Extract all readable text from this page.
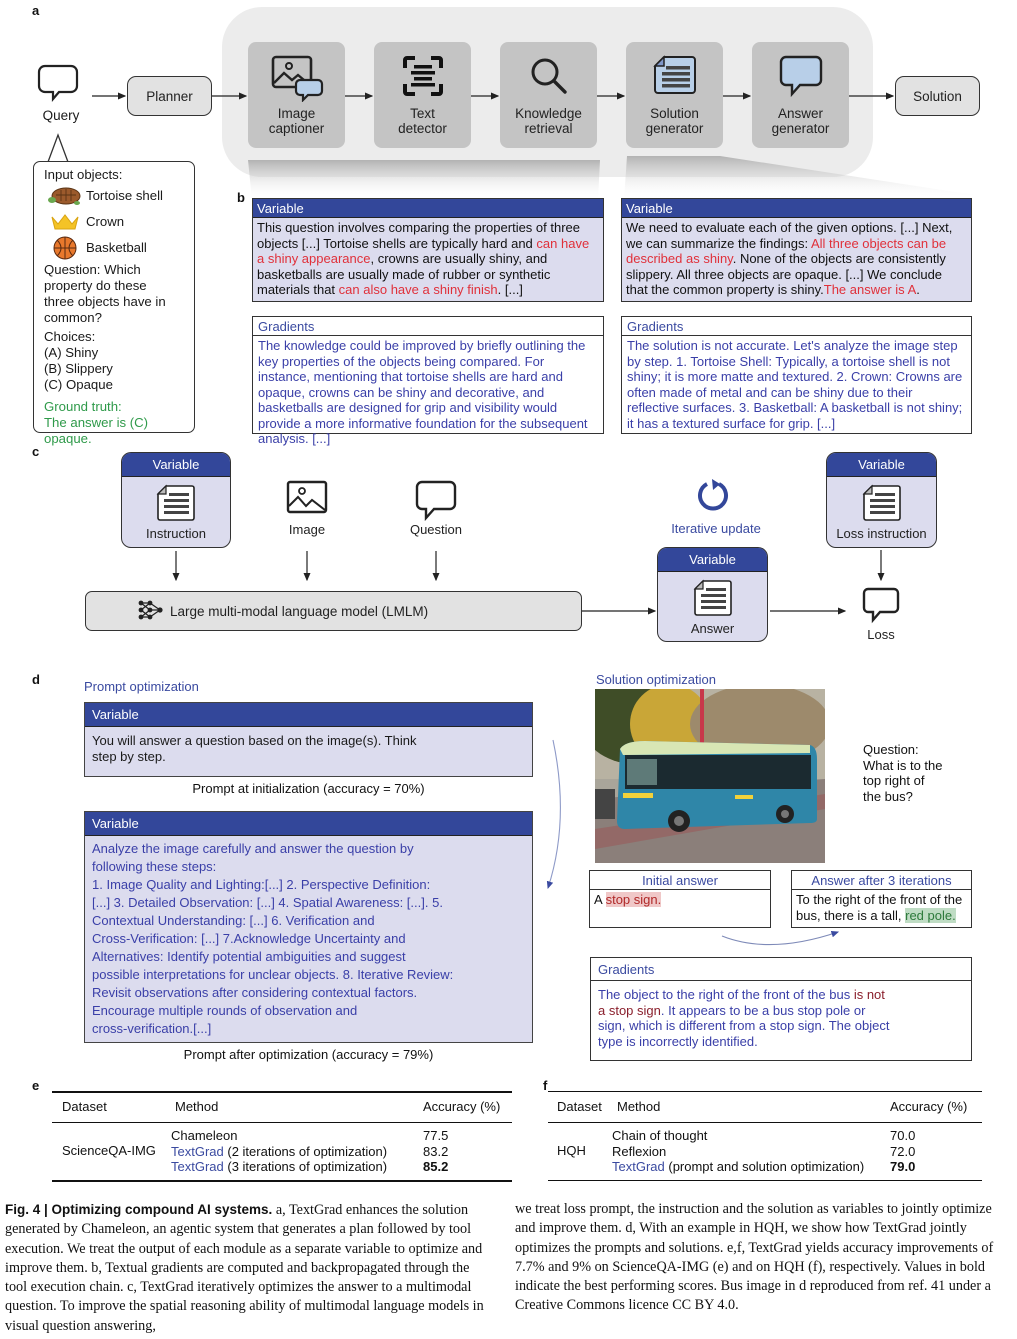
a
Query
Planner	Solution
Image
captioner
Text
detector
Knowledge
retrieval
Solution
generator
Answer
generator
Input objects:
Tortoise shell
Crown
Basketball
Question: Which
property do these
three objects have in
common?
Choices:
(A) Shiny
(B) Slippery
(C) Opaque
Ground truth:
The answer is (C) opaque.
b
Variable
This question involves comparing the properties of three objects [...] Tortoise shells are typically hard and can have a shiny appearance, crowns are usually shiny, and basketballs are usually made of rubber or synthetic materials that can also have a shiny finish. [...]
Gradients
The knowledge could be improved by briefly outlining the key properties of the objects being compared. For instance, mentioning that tortoise shells are hard and opaque, crowns can be shiny and decorative, and basketballs are designed for grip and visibility would provide a more informative foundation for the subsequent analysis. [...]
Variable
We need to evaluate each of the given options. [...] Next, we can summarize the findings: All three objects can be described as shiny. None of the objects are consistently slippery. All three objects are opaque. [...] We conclude that the common property is shiny.The answer is A.
Gradients
The solution is not accurate. Let's analyze the image step by step. 1. Tortoise Shell: Typically, a tortoise shell is not shiny; it is more matte and textured. 2. Crown: Crowns are often made of metal and can be shiny due to their reflective surfaces. 3. Basketball: A basketball is not shiny; it has a textured surface for grip. [...]
c
Variable
Instruction	Image	Question
Large multi-modal language model (LMLM)
Iterative update
Variable
Answer
Variable
Loss instruction
Loss
d	Prompt optimization	Solution optimization
Variable
You will answer a question based on the image(s). Think
step by step.
Prompt at initialization (accuracy = 70%)
Variable
Analyze the image carefully and answer the question by
following these steps:
1. Image Quality and Lighting:[...] 2. Perspective Definition:
[...] 3. Detailed Observation: [...] 4. Spatial Awareness: [...]. 5.
Contextual Understanding: [...] 6. Verification and
Cross-Verification: [...] 7.Acknowledge Uncertainty and
Alternatives: Identify potential ambiguities and suggest
possible interpretations for unclear objects. 8. Iterative Review:
Revisit observations after considering contextual factors.
Encourage multiple rounds of observation and
cross-verification.[...]
Prompt after optimization (accuracy = 79%)
Question:
What is to the
top right of
the bus?
Initial answer
A stop sign.
Answer after 3 iterations
To the right of the front of the
bus, there is a tall, red pole.
Gradients
The object to the right of the front of the bus is not a stop sign. It appears to be a bus stop pole or sign, which is different from a stop sign. The object type is incorrectly identified.
e
Dataset	Method	Accuracy (%)
ScienceQA-IMG
Chameleon	77.5
TextGrad (2 iterations of optimization)	83.2
TextGrad (3 iterations of optimization)	85.2
f
Dataset Method	Accuracy (%)
HQH
Chain of thought	70.0
Reflexion	72.0
TextGrad (prompt and solution optimization) 79.0
Fig. 4 | Optimizing compound AI systems. a, TextGrad enhances the solution generated by Chameleon, an agentic system that generates a plan followed by tool execution. We treat the output of each module as a separate variable to optimize and improve them. b, Textual gradients are computed and backpropagated through the tool execution chain. c, TextGrad iteratively optimizes the answer to a multimodal question. To improve the spatial reasoning ability of multimodal language models in visual question answering,
we treat loss prompt, the instruction and the solution as variables to jointly optimize and improve them. d, With an example in HQH, we show how TextGrad jointly optimizes the prompts and solutions. e,f, TextGrad yields accuracy improvements of 7.7% and 9% on ScienceQA-IMG (e) and on HQH (f), respectively. Values in bold indicate the best performing scores. Bus image in d reproduced from ref. 41 under a Creative Commons licence CC BY 4.0.
